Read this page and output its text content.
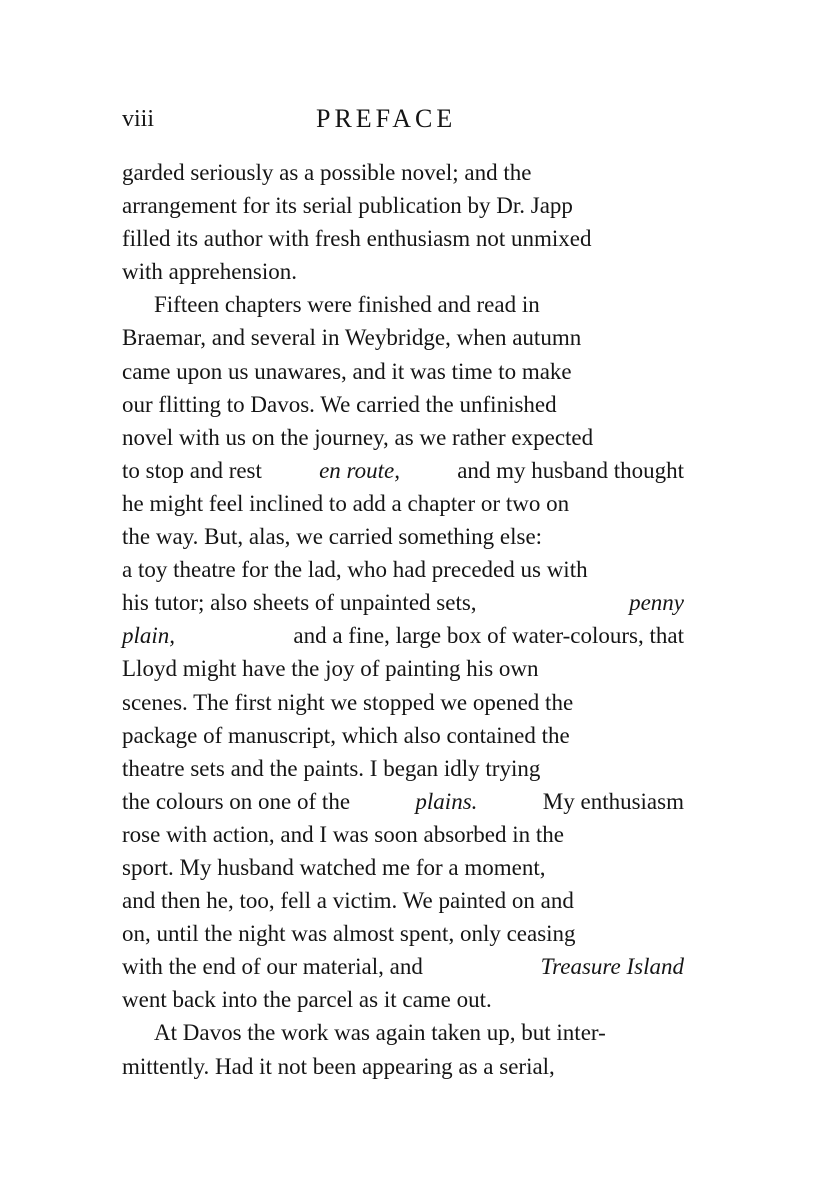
viii	PREFACE
garded seriously as a possible novel; and the
arrangement for its serial publication by Dr. Japp
filled its author with fresh enthusiasm not unmixed
with apprehension.
Fifteen chapters were finished and read in
Braemar, and several in Weybridge, when autumn
came upon us unawares, and it was time to make
our flitting to Davos. We carried the unfinished
novel with us on the journey, as we rather expected
to stop and rest en route, and my husband thought
he might feel inclined to add a chapter or two on
the way. But, alas, we carried something else:
a toy theatre for the lad, who had preceded us with
his tutor; also sheets of unpainted sets,	penny
plain,	and a fine, large box of water-colours, that
Lloyd might have the joy of painting his own
scenes. The first night we stopped we opened the
package of manuscript, which also contained the
theatre sets and the paints. I began idly trying
the colours on one of the	plains.	My enthusiasm
rose with action, and I was soon absorbed in the
sport. My husband watched me for a moment,
and then he, too, fell a victim. We painted on and
on, until the night was almost spent, only ceasing
with the end of our material, and	Treasure Island
went back into the parcel as it came out.
At Davos the work was again taken up, but inter-
mittently. Had it not been appearing as a serial,
